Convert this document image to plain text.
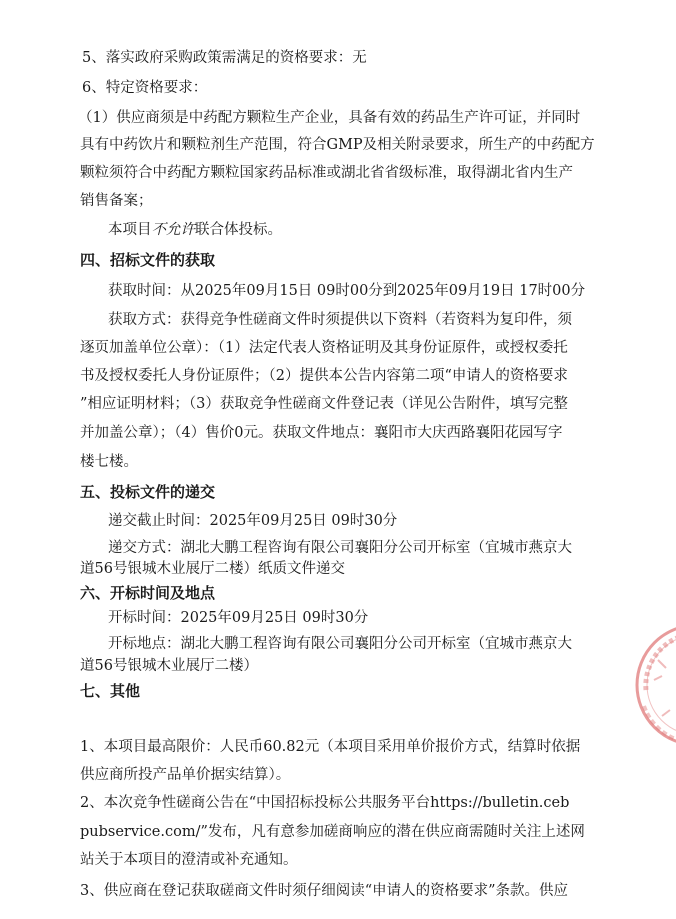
5、落实政府采购政策需满足的资格要求：无
6、特定资格要求：
（1）供应商须是中药配方颗粒生产企业，具备有效的药品生产许可证，并同时
具有中药饮片和颗粒剂生产范围，符合GMP及相关附录要求，所生产的中药配方
颗粒须符合中药配方颗粒国家药品标准或湖北省省级标准，取得湖北省内生产
销售备案；
本项目不允许联合体投标。
四、招标文件的获取
获取时间：从2025年09月15日 09时00分到2025年09月19日 17时00分
获取方式：获得竞争性磋商文件时须提供以下资料（若资料为复印件，须
逐页加盖单位公章）：（1）法定代表人资格证明及其身份证原件，或授权委托
书及授权委托人身份证原件；（2）提供本公告内容第二项“申请人的资格要求
”相应证明材料；（3）获取竞争性磋商文件登记表（详见公告附件，填写完整
并加盖公章）；（4）售价0元。获取文件地点：襄阳市大庆西路襄阳花园写字
楼七楼。
五、投标文件的递交
递交截止时间：2025年09月25日 09时30分
递交方式：湖北大鹏工程咨询有限公司襄阳分公司开标室（宜城市燕京大
道56号银城木业展厅二楼）纸质文件递交
六、开标时间及地点
开标时间：2025年09月25日 09时30分
开标地点：湖北大鹏工程咨询有限公司襄阳分公司开标室（宜城市燕京大
道56号银城木业展厅二楼）
七、其他
1、本项目最高限价：人民币60.82元（本项目采用单价报价方式，结算时依据
供应商所投产品单价据实结算）。
2、本次竞争性磋商公告在“中国招标投标公共服务平台https://bulletin.ceb
pubservice.com/”发布，凡有意参加磋商响应的潜在供应商需随时关注上述网
站关于本项目的澄清或补充通知。
3、供应商在登记获取磋商文件时须仔细阅读“申请人的资格要求”条款。供应
